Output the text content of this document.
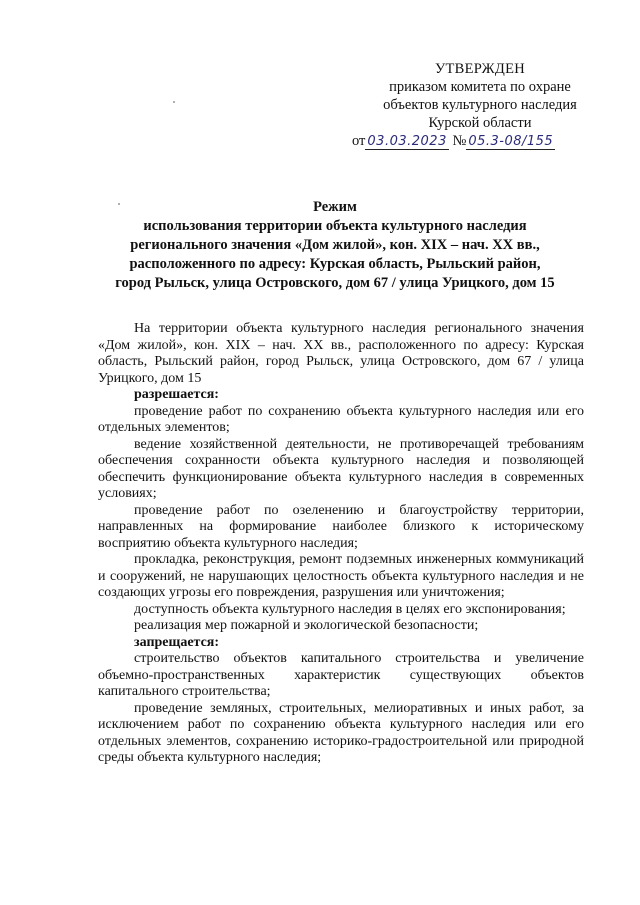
УТВЕРЖДЕН
приказом комитета по охране
объектов культурного наследия
Курской области
от 03.03.2023 № 05.3-08/155
Режим
использования территории объекта культурного наследия
регионального значения «Дом жилой», кон. XIX – нач. XX вв.,
расположенного по адресу: Курская область, Рыльский район,
город Рыльск, улица Островского, дом 67 / улица Урицкого, дом 15

На территории объекта культурного наследия регионального значения «Дом жилой», кон. XIX – нач. XX вв., расположенного по адресу: Курская область, Рыльский район, город Рыльск, улица Островского, дом 67 / улица Урицкого, дом 15

разрешается:

проведение работ по сохранению объекта культурного наследия или его отдельных элементов;

ведение хозяйственной деятельности, не противоречащей требованиям обеспечения сохранности объекта культурного наследия и позволяющей обеспечить функционирование объекта культурного наследия в современных условиях;

проведение работ по озеленению и благоустройству территории, направленных на формирование наиболее близкого к историческому восприятию объекта культурного наследия;

прокладка, реконструкция, ремонт подземных инженерных коммуникаций и сооружений, не нарушающих целостность объекта культурного наследия и не создающих угрозы его повреждения, разрушения или уничтожения;

доступность объекта культурного наследия в целях его экспонирования;

реализация мер пожарной и экологической безопасности;

запрещается:

строительство объектов капитального строительства и увеличение объемно-пространственных характеристик существующих объектов капитального строительства;

проведение земляных, строительных, мелиоративных и иных работ, за исключением работ по сохранению объекта культурного наследия или его отдельных элементов, сохранению историко-градостроительной или природной среды объекта культурного наследия;
